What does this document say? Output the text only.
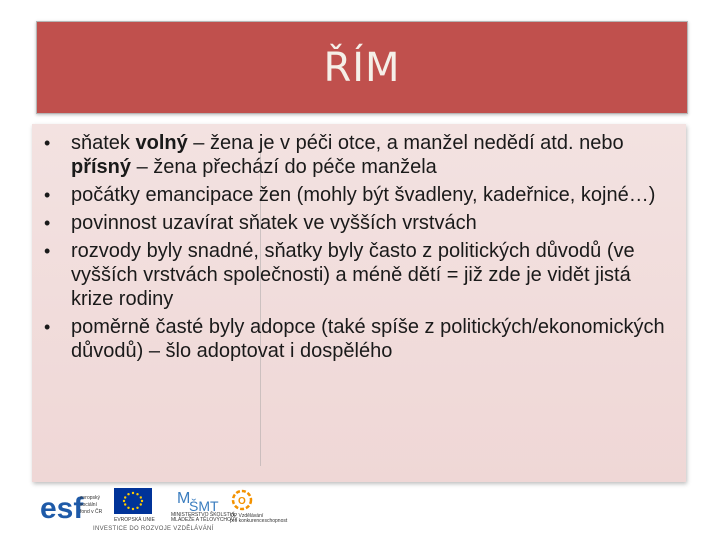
ŘÍM
• sňatek volný – žena je v péči otce, a manžel nedědí atd. nebo přísný – žena přechází do péče manžela
• počátky emancipace žen (mohly být švadleny, kadeřnice, kojné…)
• povinnost uzavírat sňatek ve vyšších vrstvách
• rozvody byly snadné, sňatky byly často z politických důvodů (ve vyšších vrstvách společnosti) a méně dětí = již zde je vidět jistá krize rodiny
• poměrně časté byly adopce (také spíše z politických/ekonomických důvodů) – šlo adoptovat i dospělého
esf
evropský
sociální
fond v ČR
EVROPSKÁ UNIE
M
ŠMT
MINISTERSTVO ŠKOLSTVÍ,
MLÁDEŽE A TĚLOVÝCHOVY
O
OP Vzdělávání
pro konkurenceschopnost
INVESTICE DO ROZVOJE VZDĚLÁVÁNÍ
